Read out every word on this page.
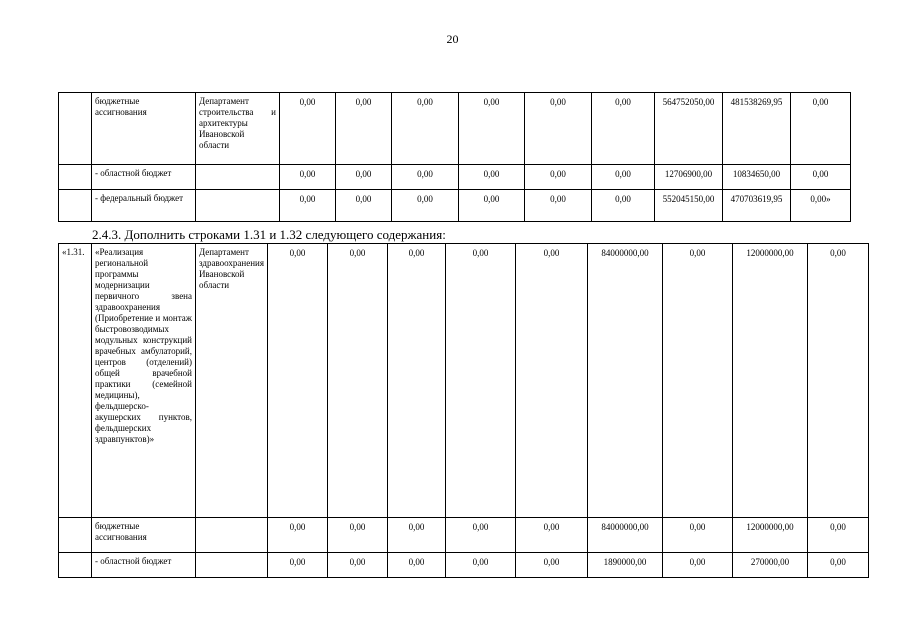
20
	бюджетные ассигнования	Департамент строительства и архитектуры Ивановской области	0,00	0,00	0,00	0,00	0,00	0,00	564752050,00	481538269,95	0,00
	- областной бюджет		0,00	0,00	0,00	0,00	0,00	0,00	12706900,00	10834650,00	0,00
	- федеральный бюджет		0,00	0,00	0,00	0,00	0,00	0,00	552045150,00	470703619,95	0,00»
2.4.3. Дополнить строками 1.31 и 1.32 следующего содержания:
«1.31.	«Реализация региональной программы модернизации первичного звена здравоохранения (Приобретение и монтаж быстровозводимых модульных конструкций врачебных амбулаторий, центров (отделений) общей врачебной практики (семейной медицины), фельдшерско-акушерских пунктов, фельдшерских здравпунктов)»	Департамент здравоохранения Ивановской области	0,00	0,00	0,00	0,00	0,00	84000000,00	0,00	12000000,00	0,00
	бюджетные ассигнования		0,00	0,00	0,00	0,00	0,00	84000000,00	0,00	12000000,00	0,00
	- областной бюджет		0,00	0,00	0,00	0,00	0,00	1890000,00	0,00	270000,00	0,00
